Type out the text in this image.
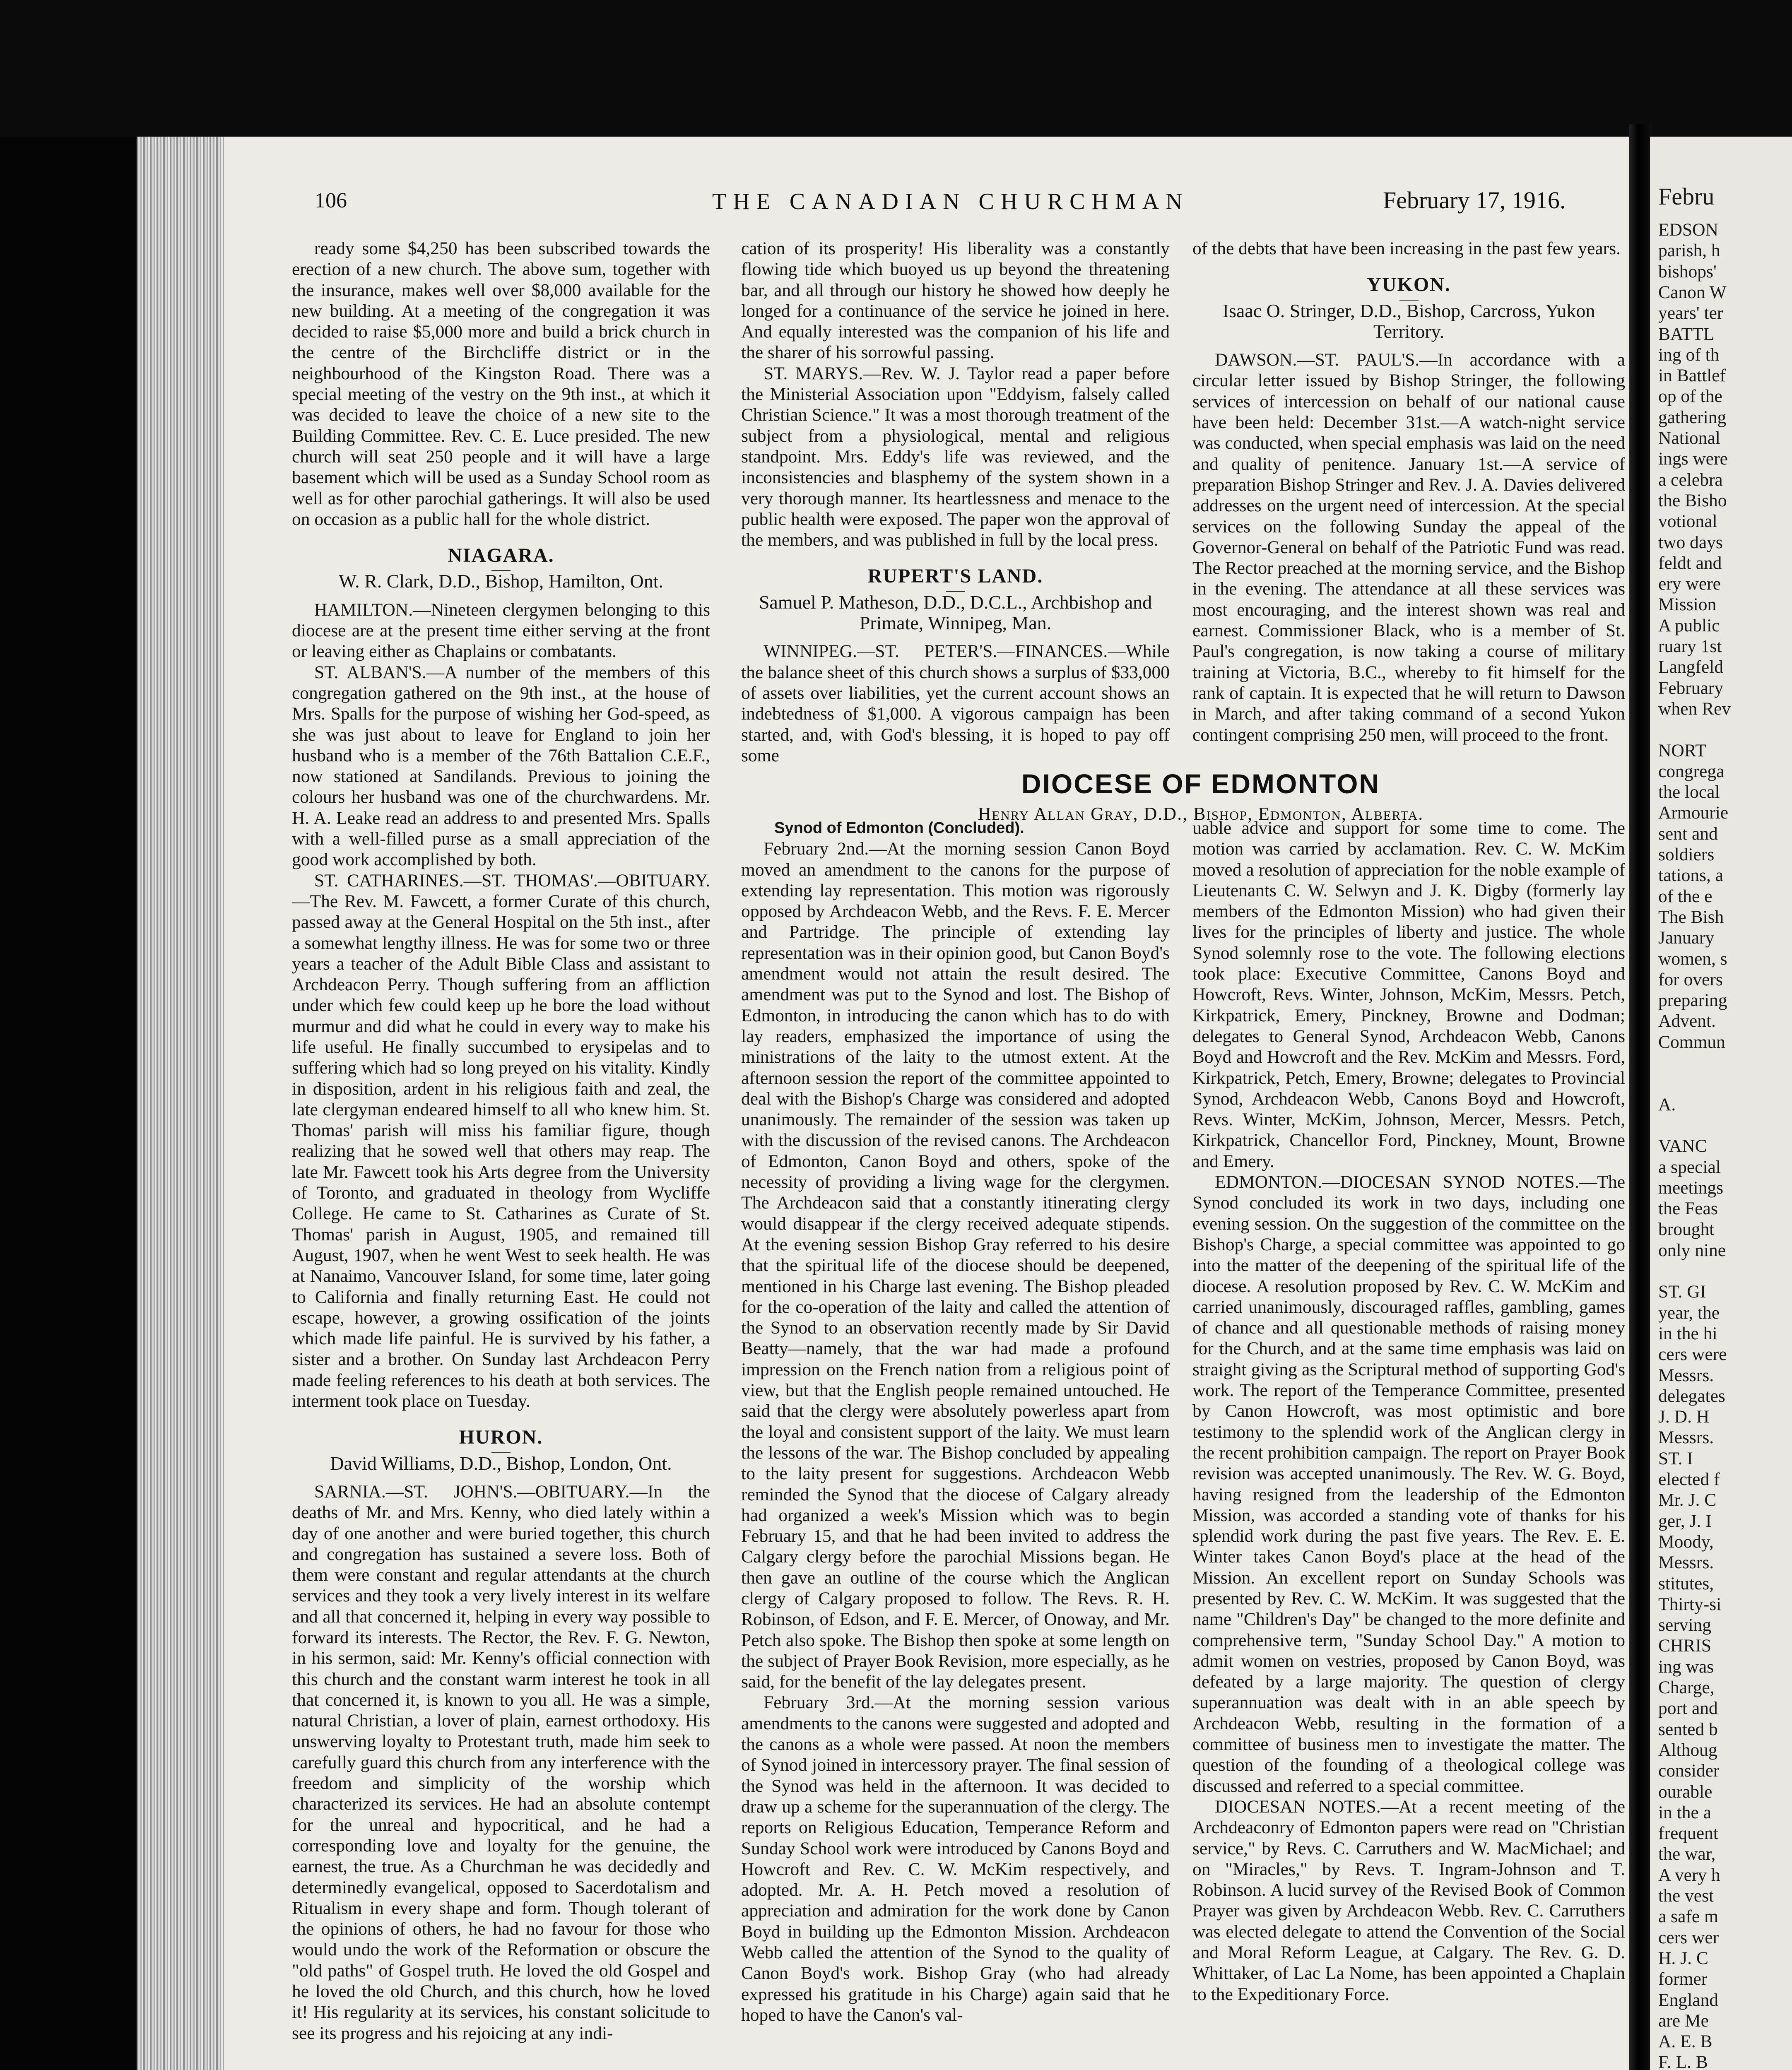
Febru
EDSON
parish, h
bishops'
Canon W
years' ter
BATTL
ing of th
in Battlef
op of the
gathering
National
ings were
a celebra
the Bisho
votional
two days
feldt and
ery were
Mission
A public
ruary 1st
Langfeld
February
when Rev
NORT
congrega
the local
Armourie
sent and
soldiers
tations, a
of the e
The Bish
January
women, s
for overs
preparing
Advent.
Commun
A.
VANC
a special
meetings
the Feas
brought
only nine
ST. GI
year, the
in the hi
cers were
Messrs.
delegates
J. D. H
Messrs.
ST. I
elected f
Mr. J. C
ger, J. I
Moody,
Messrs.
stitutes,
Thirty-si
serving
CHRIS
ing was
Charge,
port and
sented b
Althoug
consider
ourable
in the a
frequent
the war,
A very h
the vest
a safe m
cers wer
H. J. C
former
England
are Me
A. E. B
F. L. B
106	THE CANADIAN CHURCHMAN	February 17, 1916.

ready some $4,250 has been subscribed towards the erection of a new church. The above sum, together with the insurance, makes well over $8,000 available for the new building. At a meeting of the congregation it was decided to raise $5,000 more and build a brick church in the centre of the Birchcliffe district or in the neighbourhood of the Kingston Road. There was a special meeting of the vestry on the 9th inst., at which it was decided to leave the choice of a new site to the Building Committee. Rev. C. E. Luce presided. The new church will seat 250 people and it will have a large basement which will be used as a Sunday School room as well as for other parochial gatherings. It will also be used on occasion as a public hall for the whole district.

NIAGARA.

W. R. Clark, D.D., Bishop, Hamilton, Ont.

HAMILTON.—Nineteen clergymen belonging to this diocese are at the present time either serving at the front or leaving either as Chaplains or combatants.

ST. ALBAN'S.—A number of the members of this congregation gathered on the 9th inst., at the house of Mrs. Spalls for the purpose of wishing her God-speed, as she was just about to leave for England to join her husband who is a member of the 76th Battalion C.E.F., now stationed at Sandilands. Previous to joining the colours her husband was one of the churchwardens. Mr. H. A. Leake read an address to and presented Mrs. Spalls with a well-filled purse as a small appreciation of the good work accomplished by both.

ST. CATHARINES.—ST. THOMAS'.—OBITUARY.—The Rev. M. Fawcett, a former Curate of this church, passed away at the General Hospital on the 5th inst., after a somewhat lengthy illness. He was for some two or three years a teacher of the Adult Bible Class and assistant to Archdeacon Perry. Though suffering from an affliction under which few could keep up he bore the load without murmur and did what he could in every way to make his life useful. He finally succumbed to erysipelas and to suffering which had so long preyed on his vitality. Kindly in disposition, ardent in his religious faith and zeal, the late clergyman endeared himself to all who knew him. St. Thomas' parish will miss his familiar figure, though realizing that he sowed well that others may reap. The late Mr. Fawcett took his Arts degree from the University of Toronto, and graduated in theology from Wycliffe College. He came to St. Catharines as Curate of St. Thomas' parish in August, 1905, and remained till August, 1907, when he went West to seek health. He was at Nanaimo, Vancouver Island, for some time, later going to California and finally returning East. He could not escape, however, a growing ossification of the joints which made life painful. He is survived by his father, a sister and a brother. On Sunday last Archdeacon Perry made feeling references to his death at both services. The interment took place on Tuesday.

HURON.

David Williams, D.D., Bishop, London, Ont.

SARNIA.—ST. JOHN'S.—OBITUARY.—In the deaths of Mr. and Mrs. Kenny, who died lately within a day of one another and were buried together, this church and congregation has sustained a severe loss. Both of them were constant and regular attendants at the church services and they took a very lively interest in its welfare and all that concerned it, helping in every way possible to forward its interests. The Rector, the Rev. F. G. Newton, in his sermon, said: Mr. Kenny's official connection with this church and the constant warm interest he took in all that concerned it, is known to you all. He was a simple, natural Christian, a lover of plain, earnest orthodoxy. His unswerving loyalty to Protestant truth, made him seek to carefully guard this church from any interference with the freedom and simplicity of the worship which characterized its services. He had an absolute contempt for the unreal and hypocritical, and he had a corresponding love and loyalty for the genuine, the earnest, the true. As a Churchman he was decidedly and determinedly evangelical, opposed to Sacerdotalism and Ritualism in every shape and form. Though tolerant of the opinions of others, he had no favour for those who would undo the work of the Reformation or obscure the "old paths" of Gospel truth. He loved the old Gospel and he loved the old Church, and this church, how he loved it! His regularity at its services, his constant solicitude to see its progress and his rejoicing at any indi-

cation of its prosperity! His liberality was a constantly flowing tide which buoyed us up beyond the threatening bar, and all through our history he showed how deeply he longed for a continuance of the service he joined in here. And equally interested was the companion of his life and the sharer of his sorrowful passing.

ST. MARYS.—Rev. W. J. Taylor read a paper before the Ministerial Association upon "Eddyism, falsely called Christian Science." It was a most thorough treatment of the subject from a physiological, mental and religious standpoint. Mrs. Eddy's life was reviewed, and the inconsistencies and blasphemy of the system shown in a very thorough manner. Its heartlessness and menace to the public health were exposed. The paper won the approval of the members, and was published in full by the local press.

RUPERT'S LAND.

Samuel P. Matheson, D.D., D.C.L., Archbishop and Primate, Winnipeg, Man.

WINNIPEG.—ST. PETER'S.—FINANCES.—While the balance sheet of this church shows a surplus of $33,000 of assets over liabilities, yet the current account shows an indebtedness of $1,000. A vigorous campaign has been started, and, with God's blessing, it is hoped to pay off some

of the debts that have been increasing in the past few years.

YUKON.

Isaac O. Stringer, D.D., Bishop, Carcross, Yukon Territory.

DAWSON.—ST. PAUL'S.—In accordance with a circular letter issued by Bishop Stringer, the following services of intercession on behalf of our national cause have been held: December 31st.—A watch-night service was conducted, when special emphasis was laid on the need and quality of penitence. January 1st.—A service of preparation Bishop Stringer and Rev. J. A. Davies delivered addresses on the urgent need of intercession. At the special services on the following Sunday the appeal of the Governor-General on behalf of the Patriotic Fund was read. The Rector preached at the morning service, and the Bishop in the evening. The attendance at all these services was most encouraging, and the interest shown was real and earnest. Commissioner Black, who is a member of St. Paul's congregation, is now taking a course of military training at Victoria, B.C., whereby to fit himself for the rank of captain. It is expected that he will return to Dawson in March, and after taking command of a second Yukon contingent comprising 250 men, will proceed to the front.

DIOCESE OF EDMONTON
Henry Allan Gray, D.D., Bishop, Edmonton, Alberta.

Synod of Edmonton (Concluded).

February 2nd.—At the morning session Canon Boyd moved an amendment to the canons for the purpose of extending lay representation. This motion was rigorously opposed by Archdeacon Webb, and the Revs. F. E. Mercer and Partridge. The principle of extending lay representation was in their opinion good, but Canon Boyd's amendment would not attain the result desired. The amendment was put to the Synod and lost. The Bishop of Edmonton, in introducing the canon which has to do with lay readers, emphasized the importance of using the ministrations of the laity to the utmost extent. At the afternoon session the report of the committee appointed to deal with the Bishop's Charge was considered and adopted unanimously. The remainder of the session was taken up with the discussion of the revised canons. The Archdeacon of Edmonton, Canon Boyd and others, spoke of the necessity of providing a living wage for the clergymen. The Archdeacon said that a constantly itinerating clergy would disappear if the clergy received adequate stipends. At the evening session Bishop Gray referred to his desire that the spiritual life of the diocese should be deepened, mentioned in his Charge last evening. The Bishop pleaded for the co-operation of the laity and called the attention of the Synod to an observation recently made by Sir David Beatty—namely, that the war had made a profound impression on the French nation from a religious point of view, but that the English people remained untouched. He said that the clergy were absolutely powerless apart from the loyal and consistent support of the laity. We must learn the lessons of the war. The Bishop concluded by appealing to the laity present for suggestions. Archdeacon Webb reminded the Synod that the diocese of Calgary already had organized a week's Mission which was to begin February 15, and that he had been invited to address the Calgary clergy before the parochial Missions began. He then gave an outline of the course which the Anglican clergy of Calgary proposed to follow. The Revs. R. H. Robinson, of Edson, and F. E. Mercer, of Onoway, and Mr. Petch also spoke. The Bishop then spoke at some length on the subject of Prayer Book Revision, more especially, as he said, for the benefit of the lay delegates present.

February 3rd.—At the morning session various amendments to the canons were suggested and adopted and the canons as a whole were passed. At noon the members of Synod joined in intercessory prayer. The final session of the Synod was held in the afternoon. It was decided to draw up a scheme for the superannuation of the clergy. The reports on Religious Education, Temperance Reform and Sunday School work were introduced by Canons Boyd and Howcroft and Rev. C. W. McKim respectively, and adopted. Mr. A. H. Petch moved a resolution of appreciation and admiration for the work done by Canon Boyd in building up the Edmonton Mission. Archdeacon Webb called the attention of the Synod to the quality of Canon Boyd's work. Bishop Gray (who had already expressed his gratitude in his Charge) again said that he hoped to have the Canon's val-

uable advice and support for some time to come. The motion was carried by acclamation. Rev. C. W. McKim moved a resolution of appreciation for the noble example of Lieutenants C. W. Selwyn and J. K. Digby (formerly lay members of the Edmonton Mission) who had given their lives for the principles of liberty and justice. The whole Synod solemnly rose to the vote. The following elections took place: Executive Committee, Canons Boyd and Howcroft, Revs. Winter, Johnson, McKim, Messrs. Petch, Kirkpatrick, Emery, Pinckney, Browne and Dodman; delegates to General Synod, Archdeacon Webb, Canons Boyd and Howcroft and the Rev. McKim and Messrs. Ford, Kirkpatrick, Petch, Emery, Browne; delegates to Provincial Synod, Archdeacon Webb, Canons Boyd and Howcroft, Revs. Winter, McKim, Johnson, Mercer, Messrs. Petch, Kirkpatrick, Chancellor Ford, Pinckney, Mount, Browne and Emery.

EDMONTON.—DIOCESAN SYNOD NOTES.—The Synod concluded its work in two days, including one evening session. On the suggestion of the committee on the Bishop's Charge, a special committee was appointed to go into the matter of the deepening of the spiritual life of the diocese. A resolution proposed by Rev. C. W. McKim and carried unanimously, discouraged raffles, gambling, games of chance and all questionable methods of raising money for the Church, and at the same time emphasis was laid on straight giving as the Scriptural method of supporting God's work. The report of the Temperance Committee, presented by Canon Howcroft, was most optimistic and bore testimony to the splendid work of the Anglican clergy in the recent prohibition campaign. The report on Prayer Book revision was accepted unanimously. The Rev. W. G. Boyd, having resigned from the leadership of the Edmonton Mission, was accorded a standing vote of thanks for his splendid work during the past five years. The Rev. E. E. Winter takes Canon Boyd's place at the head of the Mission. An excellent report on Sunday Schools was presented by Rev. C. W. McKim. It was suggested that the name "Children's Day" be changed to the more definite and comprehensive term, "Sunday School Day." A motion to admit women on vestries, proposed by Canon Boyd, was defeated by a large majority. The question of clergy superannuation was dealt with in an able speech by Archdeacon Webb, resulting in the formation of a committee of business men to investigate the matter. The question of the founding of a theological college was discussed and referred to a special committee.

DIOCESAN NOTES.—At a recent meeting of the Archdeaconry of Edmonton papers were read on "Christian service," by Revs. C. Carruthers and W. MacMichael; and on "Miracles," by Revs. T. Ingram-Johnson and T. Robinson. A lucid survey of the Revised Book of Common Prayer was given by Archdeacon Webb. Rev. C. Carruthers was elected delegate to attend the Convention of the Social and Moral Reform League, at Calgary. The Rev. G. D. Whittaker, of Lac La Nome, has been appointed a Chaplain to the Expeditionary Force.
